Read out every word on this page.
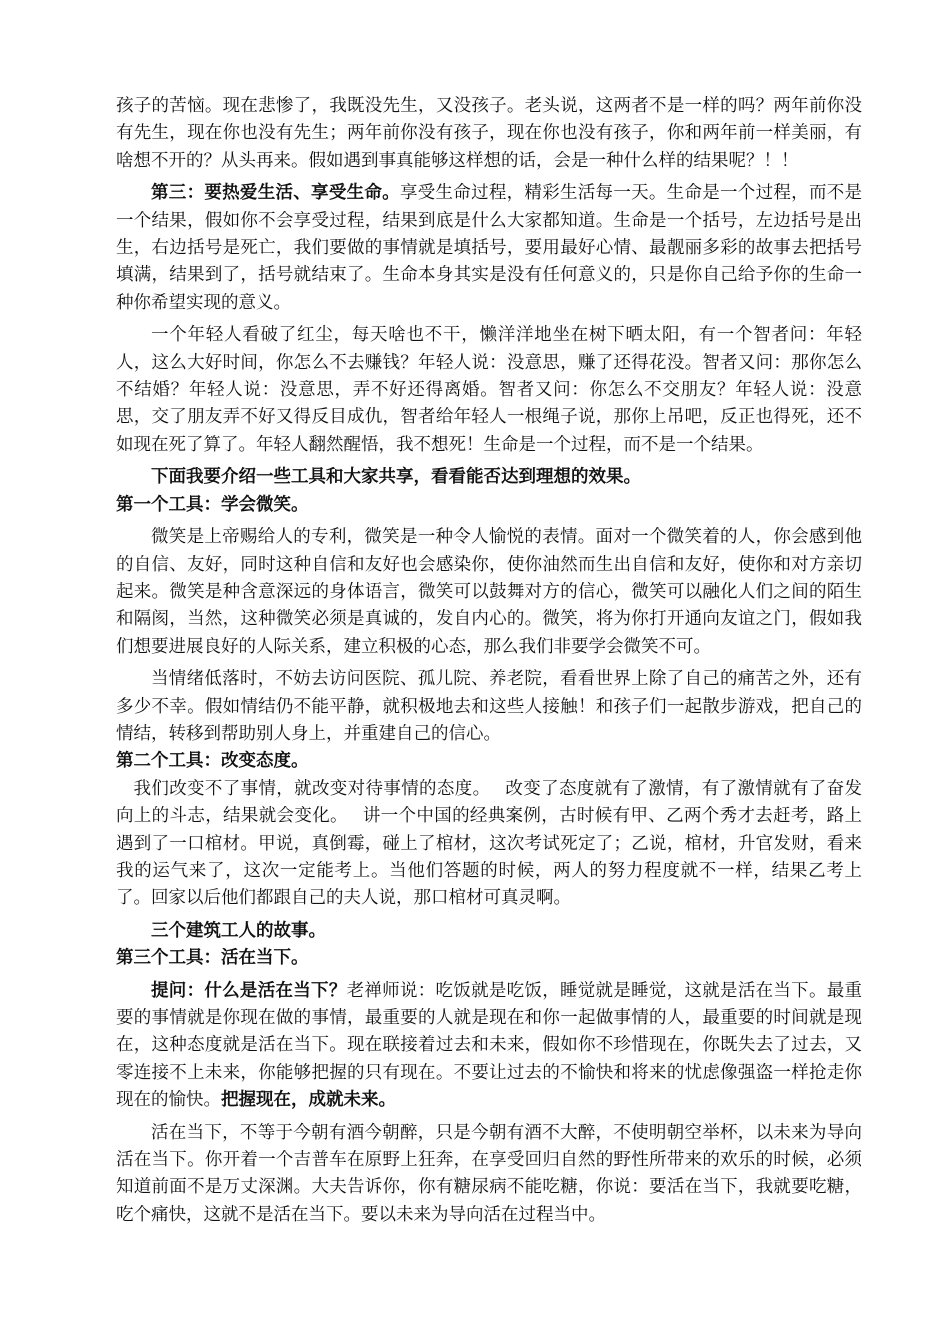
孩子的苦恼。现在悲惨了，我既没先生，又没孩子。老头说，这两者不是一样的吗？两年前你没有先生，现在你也没有先生；两年前你没有孩子，现在你也没有孩子，你和两年前一样美丽，有啥想不开的？从头再来。假如遇到事真能够这样想的话，会是一种什么样的结果呢？！！

第三：要热爱生活、享受生命。享受生命过程，精彩生活每一天。生命是一个过程，而不是一个结果，假如你不会享受过程，结果到底是什么大家都知道。生命是一个括号，左边括号是出生，右边括号是死亡，我们要做的事情就是填括号，要用最好心情、最靓丽多彩的故事去把括号填满，结果到了，括号就结束了。生命本身其实是没有任何意义的，只是你自己给予你的生命一种你希望实现的意义。

一个年轻人看破了红尘，每天啥也不干，懒洋洋地坐在树下晒太阳，有一个智者问：年轻人，这么大好时间，你怎么不去赚钱？年轻人说：没意思，赚了还得花没。智者又问：那你怎么不结婚？年轻人说：没意思，弄不好还得离婚。智者又问：你怎么不交朋友？年轻人说：没意思，交了朋友弄不好又得反目成仇，智者给年轻人一根绳子说，那你上吊吧，反正也得死，还不如现在死了算了。年轻人翻然醒悟，我不想死！生命是一个过程，而不是一个结果。

下面我要介绍一些工具和大家共享，看看能否达到理想的效果。

第一个工具：学会微笑。

微笑是上帝赐给人的专利，微笑是一种令人愉悦的表情。面对一个微笑着的人，你会感到他的自信、友好，同时这种自信和友好也会感染你，使你油然而生出自信和友好，使你和对方亲切起来。微笑是种含意深远的身体语言，微笑可以鼓舞对方的信心，微笑可以融化人们之间的陌生和隔阂，当然，这种微笑必须是真诚的，发自内心的。微笑，将为你打开通向友谊之门，假如我们想要进展良好的人际关系，建立积极的心态，那么我们非要学会微笑不可。

当情绪低落时，不妨去访问医院、孤儿院、养老院，看看世界上除了自己的痛苦之外，还有多少不幸。假如情结仍不能平静，就积极地去和这些人接触！和孩子们一起散步游戏，把自己的情结，转移到帮助别人身上，并重建自己的信心。

第二个工具：改变态度。

我们改变不了事情，就改变对待事情的态度。　 改变了态度就有了激情，有了激情就有了奋发向上的斗志，结果就会变化。　 讲一个中国的经典案例，古时候有甲、乙两个秀才去赶考，路上遇到了一口棺材。甲说，真倒霉，碰上了棺材，这次考试死定了；乙说，棺材，升官发财，看来我的运气来了，这次一定能考上。当他们答题的时候，两人的努力程度就不一样，结果乙考上了。回家以后他们都跟自己的夫人说，那口棺材可真灵啊。

三个建筑工人的故事。

第三个工具：活在当下。

提问：什么是活在当下？老禅师说：吃饭就是吃饭，睡觉就是睡觉，这就是活在当下。最重要的事情就是你现在做的事情，最重要的人就是现在和你一起做事情的人，最重要的时间就是现在，这种态度就是活在当下。现在联接着过去和未来，假如你不珍惜现在，你既失去了过去，又零连接不上未来，你能够把握的只有现在。不要让过去的不愉快和将来的忧虑像强盗一样抢走你现在的愉快。把握现在，成就未来。

活在当下，不等于今朝有酒今朝醉，只是今朝有酒不大醉，不使明朝空举杯，以未来为导向活在当下。你开着一个吉普车在原野上狂奔，在享受回归自然的野性所带来的欢乐的时候，必须知道前面不是万丈深渊。大夫告诉你，你有糖尿病不能吃糖，你说：要活在当下，我就要吃糖，吃个痛快，这就不是活在当下。要以未来为导向活在过程当中。
